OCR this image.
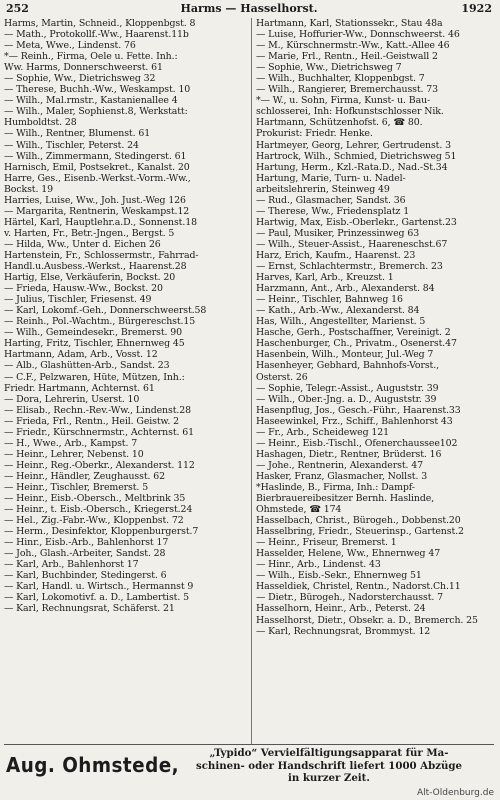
252	Harms — Hasselhorst.	1922
Harms, Martin, Schneid., Kloppenbgst. 8
— Math., Protokollf.-Ww., Haarenst.11b
— Meta, Wwe., Lindenst. 76
*— Reinh., Firma, Oele u. Fette. Inh.:
Ww. Harms, Donnerschweerst. 61
— Sophie, Ww., Dietrichsweg 32
— Therese, Buchh.-Ww., Weskampst. 10
— Wilh., Mal.rmstr., Kastanienallee 4
— Wilh., Maler, Sophienst.8, Werkstatt:
Humboldtst. 28
— Wilh., Rentner, Blumenst. 61
— Wilh., Tischler, Peterst. 24
— Wilh., Zimmermann, Stedingerst. 61
Harnisch, Emil, Postsekret., Kanalst. 20
Harre, Ges., Eisenb.-Werkst.-Vorm.-Ww.,
Bockst. 19
Harries, Luise, Ww., Joh. Just.-Weg 126
— Margarita, Rentnerin, Weskampst.12
Härtel, Karl, Hauptlehr.a.D., Sonnenst.18
v. Harten, Fr., Betr.-Jngen., Bergst. 5
— Hilda, Ww., Unter d. Eichen 26
Hartenstein, Fr., Schlossermstr., Fahrrad-
Handl.u.Ausbess.-Werkst., Haarenst.28
Hartig, Else, Verkäuferin, Bockst. 20
— Frieda, Hausw.-Ww., Bockst. 20
— Julius, Tischler, Friesenst. 49
— Karl, Lokomf.-Geh., Donnerschweerst.58
— Reinh., Pol.-Wachtm., Bürgereschst.15
— Wilh., Gemeindesekr., Bremerst. 90
Harting, Fritz, Tischler, Ehnernweg 45
Hartmann, Adam, Arb., Vosst. 12
— Alb., Glashütten-Arb., Sandst. 23
— C.F., Pelzwaren, Hüte, Mützen, Inh.:
Friedr. Hartmann, Achternst. 61
— Dora, Lehrerin, Userst. 10
— Elisab., Rechn.-Rev.-Ww., Lindenst.28
— Frieda, Frl., Rentn., Heil. Geistw. 2
— Friedr., Kürschnermstr., Achternst. 61
— H., Wwe., Arb., Kampst. 7
— Heinr., Lehrer, Nebenst. 10
— Heinr., Reg.-Oberkr., Alexanderst. 112
— Heinr., Händler, Zeughausst. 62
— Heinr., Tischler, Bremerst. 5
— Heinr., Eisb.-Obersch., Meltbrink 35
— Heinr., t. Eisb.-Obersch., Kriegerst.24
— Hel., Zig.-Fabr.-Ww., Kloppenbst. 72
— Herm., Desinfektor, Kloppenburgerst.7
— Hinr., Eisb.-Arb., Bahlenhorst 17
— Joh., Glash.-Arbeiter, Sandst. 28
— Karl, Arb., Bahlenhorst 17
— Karl, Buchbinder, Stedingerst. 6
— Karl, Handl. u. Wirtsch., Hermannst 9
— Karl, Lokomotivf. a. D., Lambertist. 5
— Karl, Rechnungsrat, Schäferst. 21
Hartmann, Karl, Stationssekr., Stau 48a
— Luise, Hoffurier-Ww., Donnschweerst. 46
— M., Kürschnermstr.-Ww., Katt.-Allee 46
— Marie, Frl., Rentn., Heil.-Geistwall 2
— Sophie, Ww., Dietrichsweg 7
— Wilh., Buchhalter, Kloppenbgst. 7
— Wilh., Rangierer, Bremerchausst. 73
*— W., u. Sohn, Firma, Kunst- u. Bau-
schlosserei, Inh: Hofkunstschlosser Nik.
Hartmann, Schützenhofst. 6, ☎ 80.
Prokurist: Friedr. Henke.
Hartmeyer, Georg, Lehrer, Gertrudenst. 3
Hartrock, Wilh., Schmied, Dietrichsweg 51
Hartung, Herm., Kzl.-Rata.D., Nad.-St.34
Hartung, Marie, Turn- u. Nadel-
arbeitslehrerin, Steinweg 49
— Rud., Glasmacher, Sandst. 36
— Therese, Ww., Friedensplatz 1
Hartwig, Max, Eisb.-Oberlekr., Gartenst.23
— Paul, Musiker, Prinzessinweg 63
— Wilh., Steuer-Assist., Haareneschst.67
Harz, Erich, Kaufm., Haarenst. 23
— Ernst, Schlachtermstr., Bremerch. 23
Harves, Karl, Arb., Kreuzst. 1
Harzmann, Ant., Arb., Alexanderst. 84
— Heinr., Tischler, Bahnweg 16
— Kath., Arb.-Ww., Alexanderst. 84
Has, Wilh., Angestellter, Marienst. 5
Hasche, Gerh., Postschaffner, Vereinigt. 2
Haschenburger, Ch., Privatm., Osenerst.47
Hasenbein, Wilh., Monteur, Jul.-Weg 7
Hasenheyer, Gebhard, Bahnhofs-Vorst.,
Osterst. 26
— Sophie, Telegr.-Assist., Auguststr. 39
— Wilh., Ober.-Jng. a. D., Auguststr. 39
Hasenpflug, Jos., Gesch.-Führ., Haarenst.33
Haseewinkel, Frz., Schiff., Bahlenhorst 43
— Fr., Arb., Scheideweg 121
— Heinr., Eisb.-Tischl., Ofenerchaussee102
Hashagen, Dietr., Rentner, Brüderst. 16
— Johe., Rentnerin, Alexanderst. 47
Hasker, Franz, Glasmacher, Nollst. 3
*Haslinde, B., Firma, Inh.: Dampf-
Bierbrauereibesitzer Bernh. Haslinde,
Ohmstede, ☎ 174
Hasselbach, Christ., Bürogeh., Dobbenst.20
Hasselbring, Friedr., Steuerinsp., Gartenst.2
— Heinr., Friseur, Bremerst. 1
Hasselder, Helene, Ww., Ehnernweg 47
— Hinr., Arb., Lindenst. 43
— Wilh., Eisb.-Sekr., Ehnernweg 51
Hasseldiek, Christel, Rentn., Nadorst.Ch.11
— Dietr., Bürogeh., Nadorsterchausst. 7
Hasselhorn, Heinr., Arb., Peterst. 24
Hasselhorst, Dietr., Obsekr. a. D., Bremerch. 25
— Karl, Rechnungsrat, Brommyst. 12
Aug. Ohmstede,	„Typido“ Vervielfältigungsapparat für Ma-
schinen- oder Handschrift liefert 1000 Abzüge
in kurzer Zeit.
Alt-Oldenburg.de
